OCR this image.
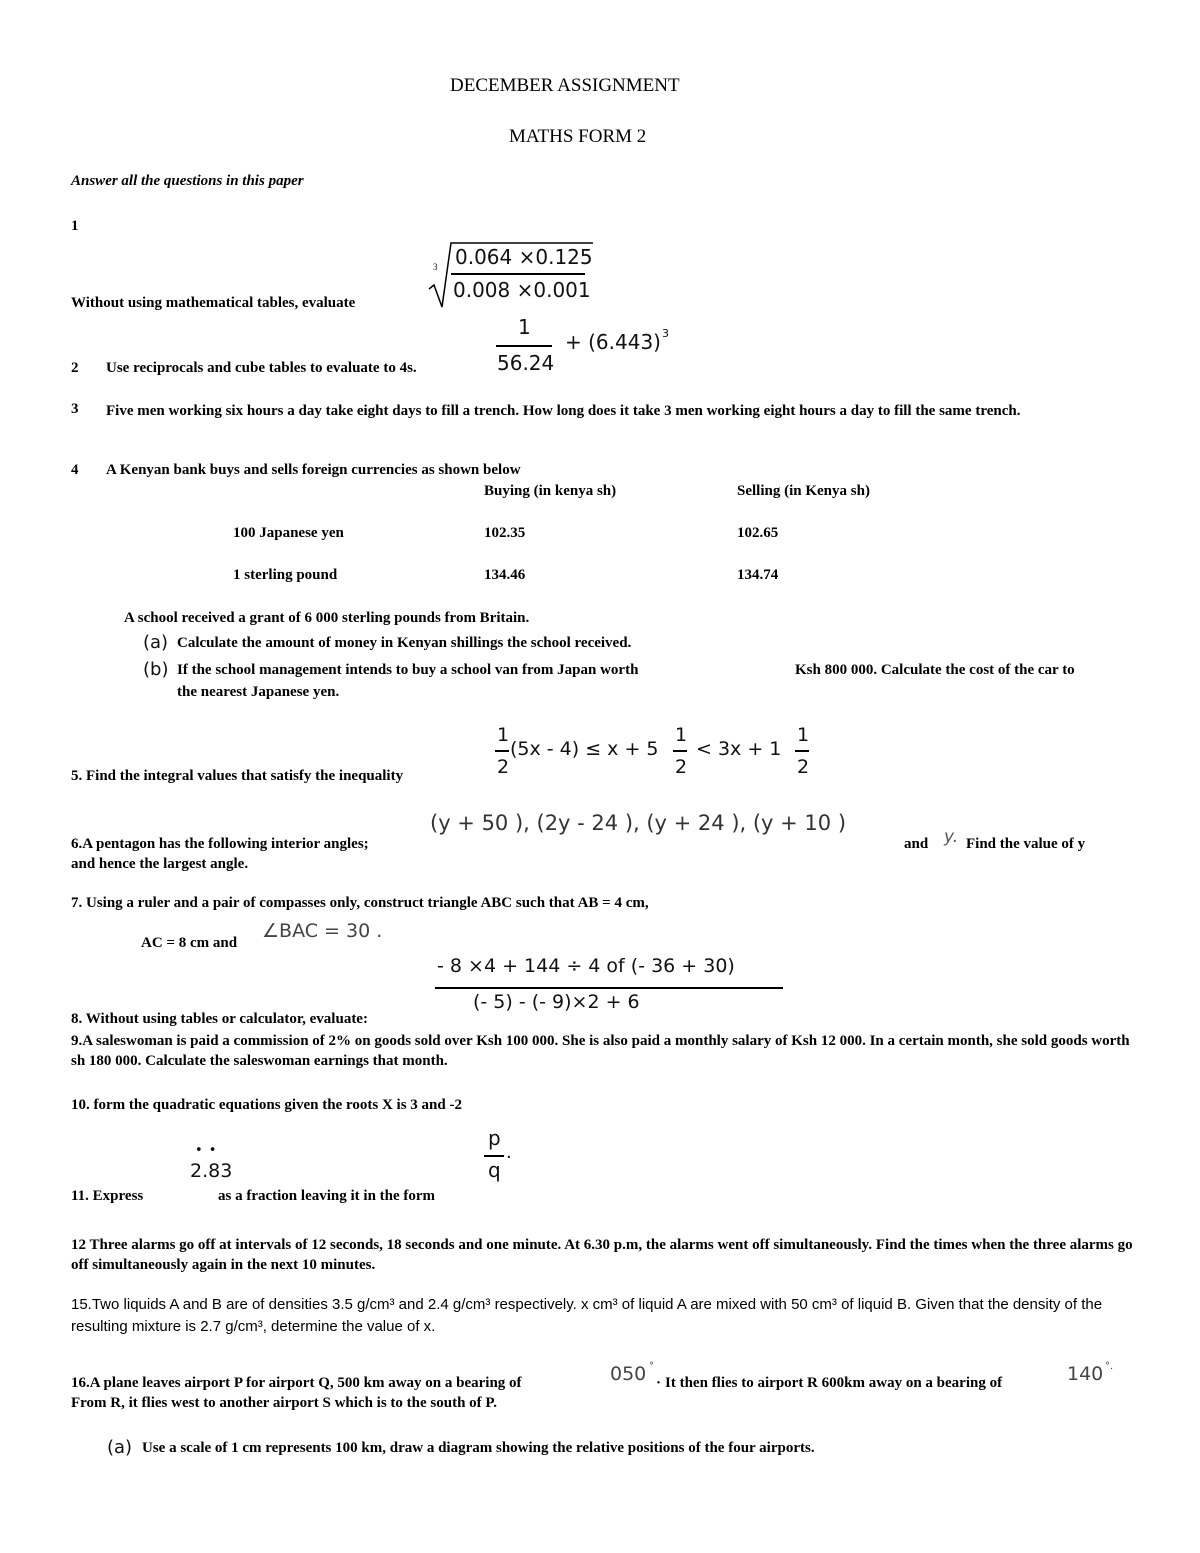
DECEMBER ASSIGNMENT
MATHS FORM 2
Answer all the questions in this paper
1
Without using mathematical tables, evaluate
3 0.064 ×0.125
0.008 ×0.001
1
56.24
+ (6.443) 3
2 Use reciprocals and cube tables to evaluate to 4s.
3 Five men working six hours a day take eight days to fill a trench. How long does it take 3 men working eight hours a day to fill the same trench.
4 A Kenyan bank buys and sells foreign currencies as shown below
Buying (in kenya sh)	Selling (in Kenya sh)
100 Japanese yen	102.35	102.65
1 sterling pound	134.46	134.74
A school received a grant of 6 000 sterling pounds from Britain.
(a) Calculate the amount of money in Kenyan shillings the school received.
(b) If the school management intends to buy a school van from Japan worth	Ksh 800 000. Calculate the cost of the car to
the nearest Japanese yen.
1
2
(5x - 4) ≤ x + 5
1
2
< 3x + 1
1
2
5. Find the integral values that satisfy the inequality
(y + 50 ), (2y - 24 ), (y + 24 ), (y + 10 )
6.A pentagon has the following interior angles;	and y. Find the value of y
and hence the largest angle.
7. Using a ruler and a pair of compasses only, construct triangle ABC such that AB = 4 cm,
AC = 8 cm and
∠BAC = 30 .
- 8 ×4 + 144 ÷ 4 of (- 36 + 30)
(- 5) - (- 9)×2 + 6
8. Without using tables or calculator, evaluate:
9.A saleswoman is paid a commission of 2% on goods sold over Ksh 100 000. She is also paid a monthly salary of Ksh 12 000. In a certain month, she sold goods worth sh 180 000. Calculate the saleswoman earnings that month.
10. form the quadratic equations given the roots X is 3 and -2
• •
2.83
p
.
q
11. Express	as a fraction leaving it in the form
12 Three alarms go off at intervals of 12 seconds, 18 seconds and one minute. At 6.30 p.m, the alarms went off simultaneously. Find the times when the three alarms go off simultaneously again in the next 10 minutes.
15.Two liquids A and B are of densities 3.5 g/cm³ and 2.4 g/cm³ respectively. x cm³ of liquid A are mixed with 50 cm³ of liquid B. Given that the density of the resulting mixture is 2.7 g/cm³, determine the value of x.
16.A plane leaves airport P for airport Q, 500 km away on a bearing of	050 °
· It then flies to airport R 600km away on a bearing of	140 °.
From R, it flies west to another airport S which is to the south of P.
(a) Use a scale of 1 cm represents 100 km, draw a diagram showing the relative positions of the four airports.
